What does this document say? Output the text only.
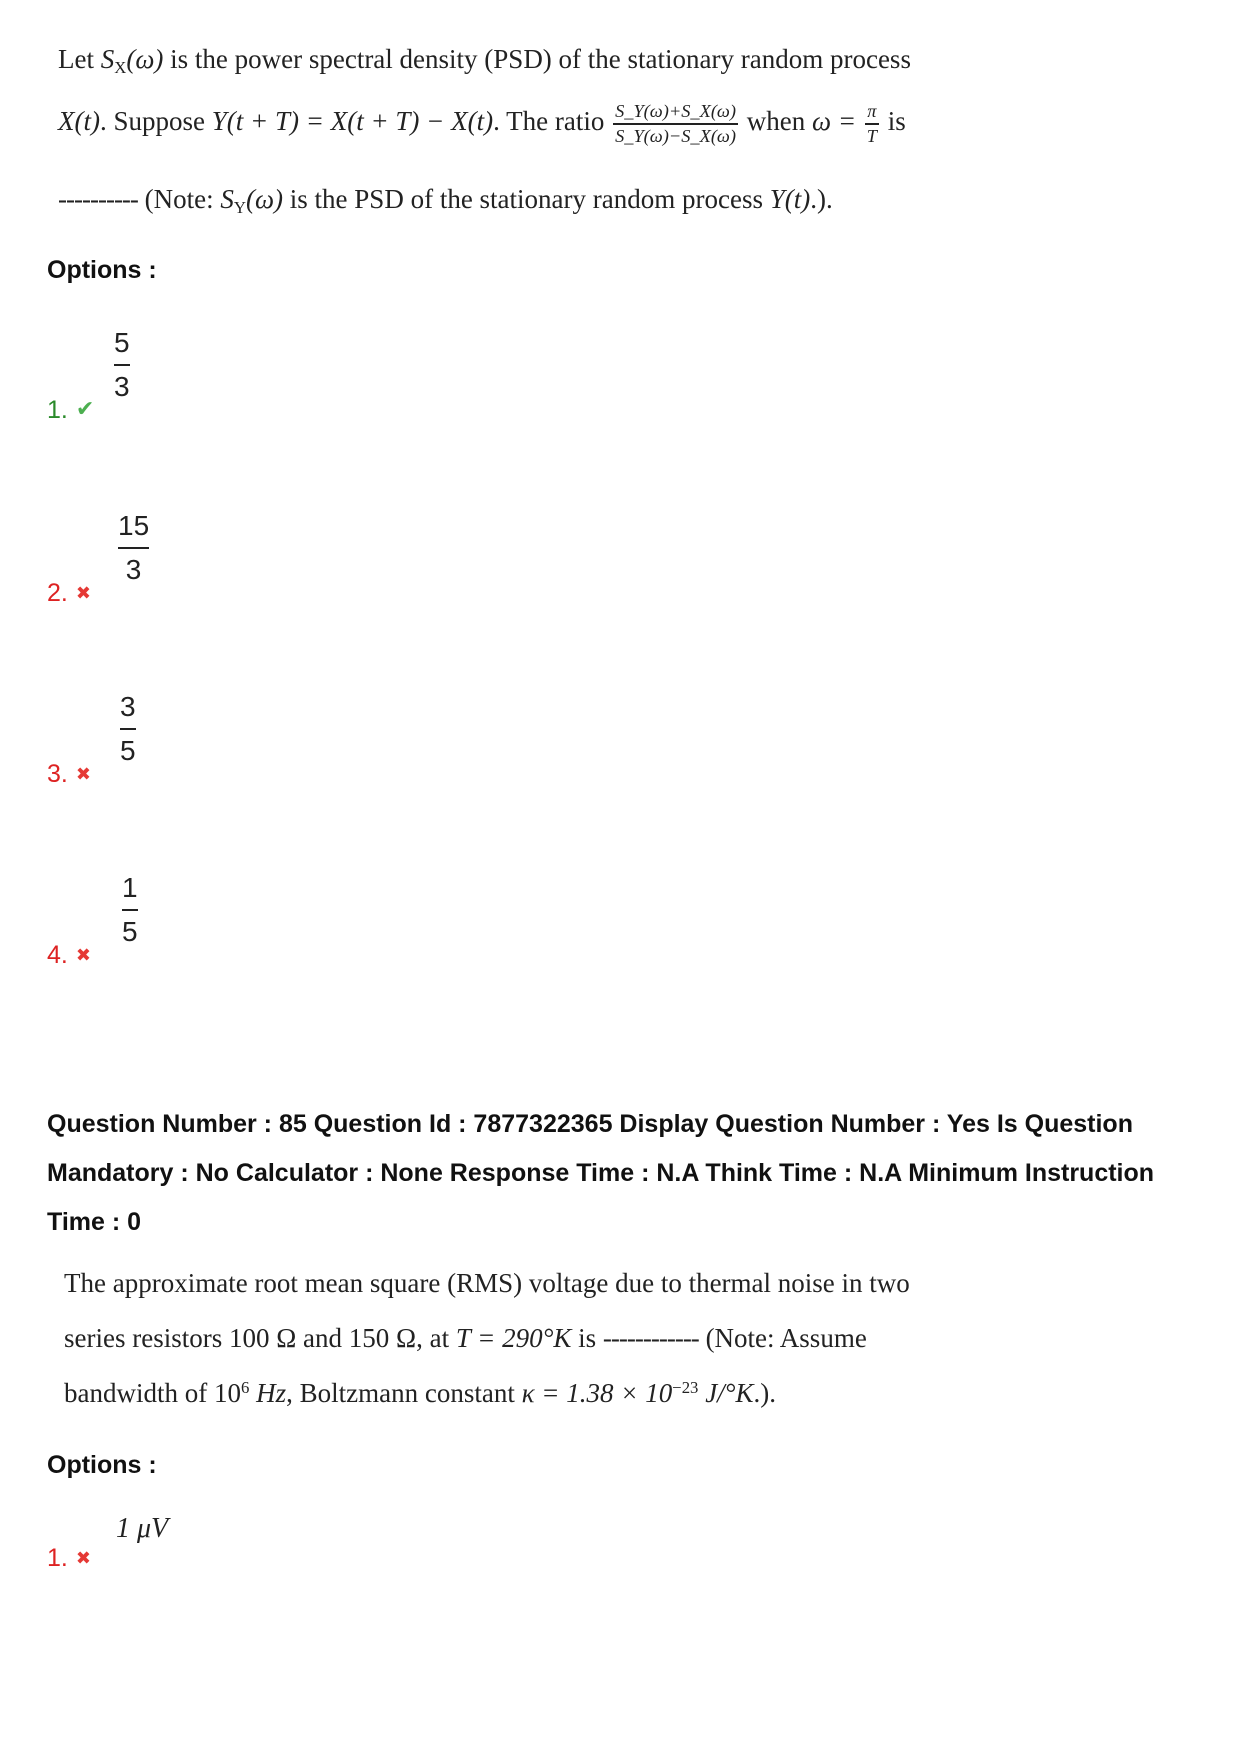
Let $S_X(\omega)$ is the power spectral density (PSD) of the stationary random process
X(t). Suppose Y(t + T) = X(t + T) − X(t). The ratio $\frac{S\_Y(\omega)+S\_X(\omega)}{S\_Y(\omega)-S\_X(\omega)}$ when $\omega = \frac{\pi}{T}$ is
---------- (Note: $S_Y(\omega)$ is the PSD of the stationary random process Y(t).).
Options :
5
3
1. ✔
15
3
2. ✖
3
5
3. ✖
1
5
4. ✖
Question Number : 85 Question Id : 7877322365 Display Question Number : Yes Is Question
Mandatory : No Calculator : None Response Time : N.A Think Time : N.A Minimum Instruction
Time : 0
The approximate root mean square (RMS) voltage due to thermal noise in two
series resistors 100 Ω and 150 Ω, at T = 290°K is ------------ (Note: Assume
bandwidth of $10^6$ Hz, Boltzmann constant $\kappa = 1.38 \times 10^{-23}$ J/°K.).
Options :
1 μV
1. ✖
